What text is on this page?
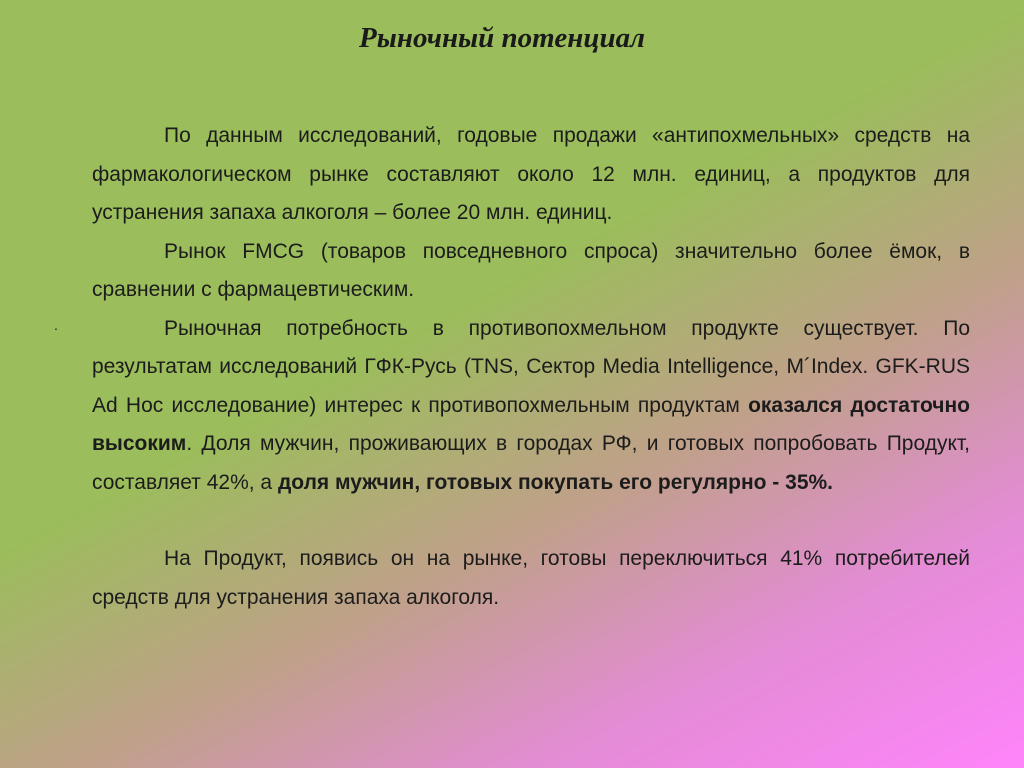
Рыночный потенциал
.

По данным исследований, годовые продажи «антипохмельных» средств на фармакологическом рынке составляют около 12 млн. единиц, а продуктов для устранения запаха алкоголя – более 20 млн. единиц.

Рынок FMCG (товаров повседневного спроса) значительно более ёмок, в сравнении с фармацевтическим.

Рыночная потребность в противопохмельном продукте существует. По результатам исследований ГФК-Русь (TNS, Сектор Media Intelligence, M´Index. GFK-RUS Ad Hoc исследование) интерес к противопохмельным продуктам оказался достаточно высоким. Доля мужчин, проживающих в городах РФ, и готовых попробовать Продукт, составляет 42%, а доля мужчин, готовых покупать его регулярно - 35%.

На Продукт, появись он на рынке, готовы переключиться 41% потребителей средств для устранения запаха алкоголя.
